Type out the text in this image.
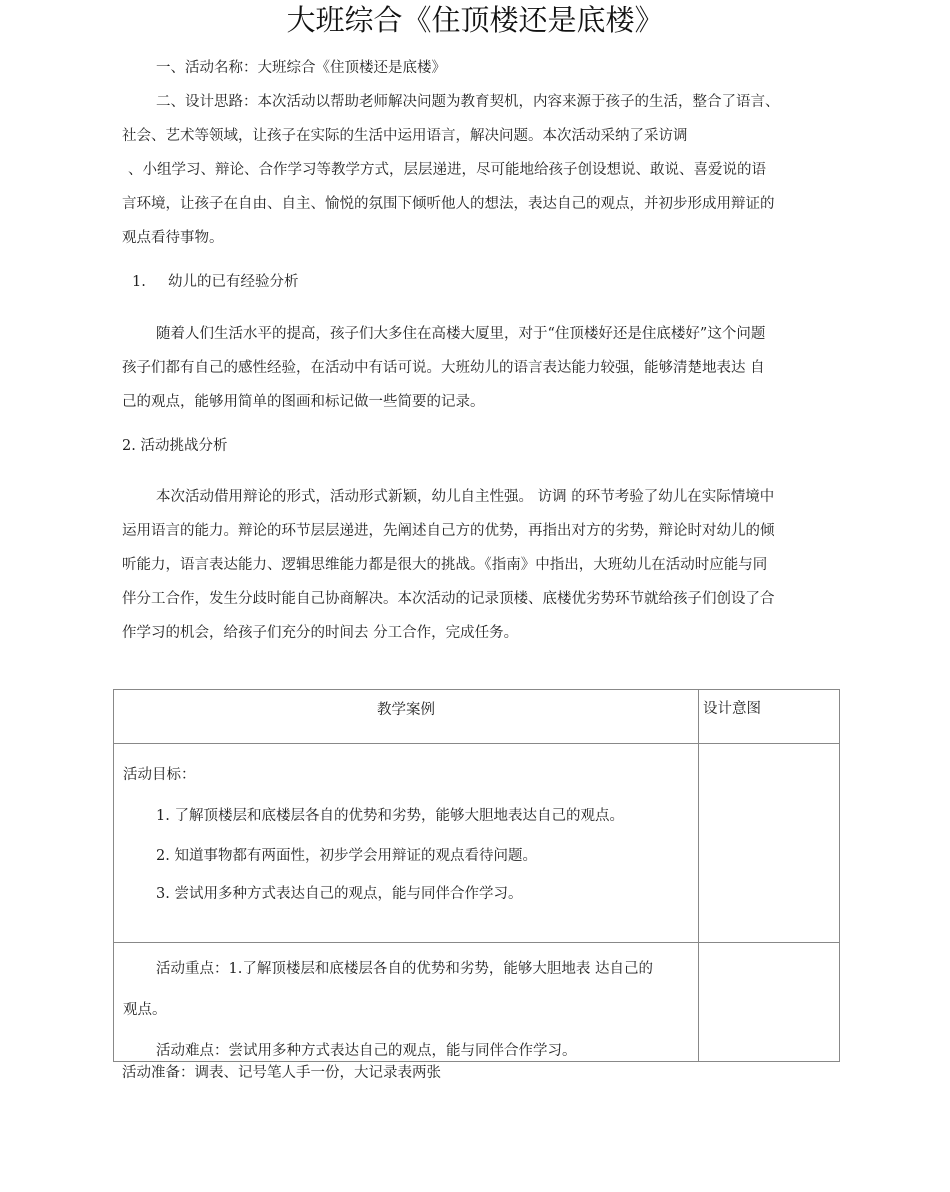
大班综合《住顶楼还是底楼》
一、活动名称：大班综合《住顶楼还是底楼》
二、设计思路：本次活动以帮助老师解决问题为教育契机，内容来源于孩子的生活，整合了语言、
社会、艺术等领域，让孩子在实际的生活中运用语言，解决问题。本次活动采纳了采访调
、小组学习、辩论、合作学习等教学方式，层层递进，尽可能地给孩子创设想说、敢说、喜爱说的语
言环境，让孩子在自由、自主、愉悦的氛围下倾听他人的想法，表达自己的观点，并初步形成用辩证的
观点看待事物。
1. 幼儿的已有经验分析
随着人们生活水平的提高，孩子们大多住在高楼大厦里，对于“住顶楼好还是住底楼好”这个问题
孩子们都有自己的感性经验，在活动中有话可说。大班幼儿的语言表达能力较强，能够清楚地表达 自
己的观点，能够用简单的图画和标记做一些简要的记录。
2. 活动挑战分析
本次活动借用辩论的形式，活动形式新颖，幼儿自主性强。 访调 的环节考验了幼儿在实际情境中
运用语言的能力。辩论的环节层层递进，先阐述自己方的优势，再指出对方的劣势，辩论时对幼儿的倾
听能力，语言表达能力、逻辑思维能力都是很大的挑战。《指南》中指出，大班幼儿在活动时应能与同
伴分工合作，发生分歧时能自己协商解决。本次活动的记录顶楼、底楼优劣势环节就给孩子们创设了合
作学习的机会，给孩子们充分的时间去 分工合作，完成任务。
教学案例	设计意图

活动目标：
1. 了解顶楼层和底楼层各自的优势和劣势，能够大胆地表达自己的观点。
2. 知道事物都有两面性，初步学会用辩证的观点看待问题。
3. 尝试用多种方式表达自己的观点，能与同伴合作学习。	

活动重点：1.了解顶楼层和底楼层各自的优势和劣势，能够大胆地表 达自己的
观点。
活动难点：尝试用多种方式表达自己的观点，能与同伴合作学习。	

活动准备：调表、记号笔人手一份，大记录表两张
